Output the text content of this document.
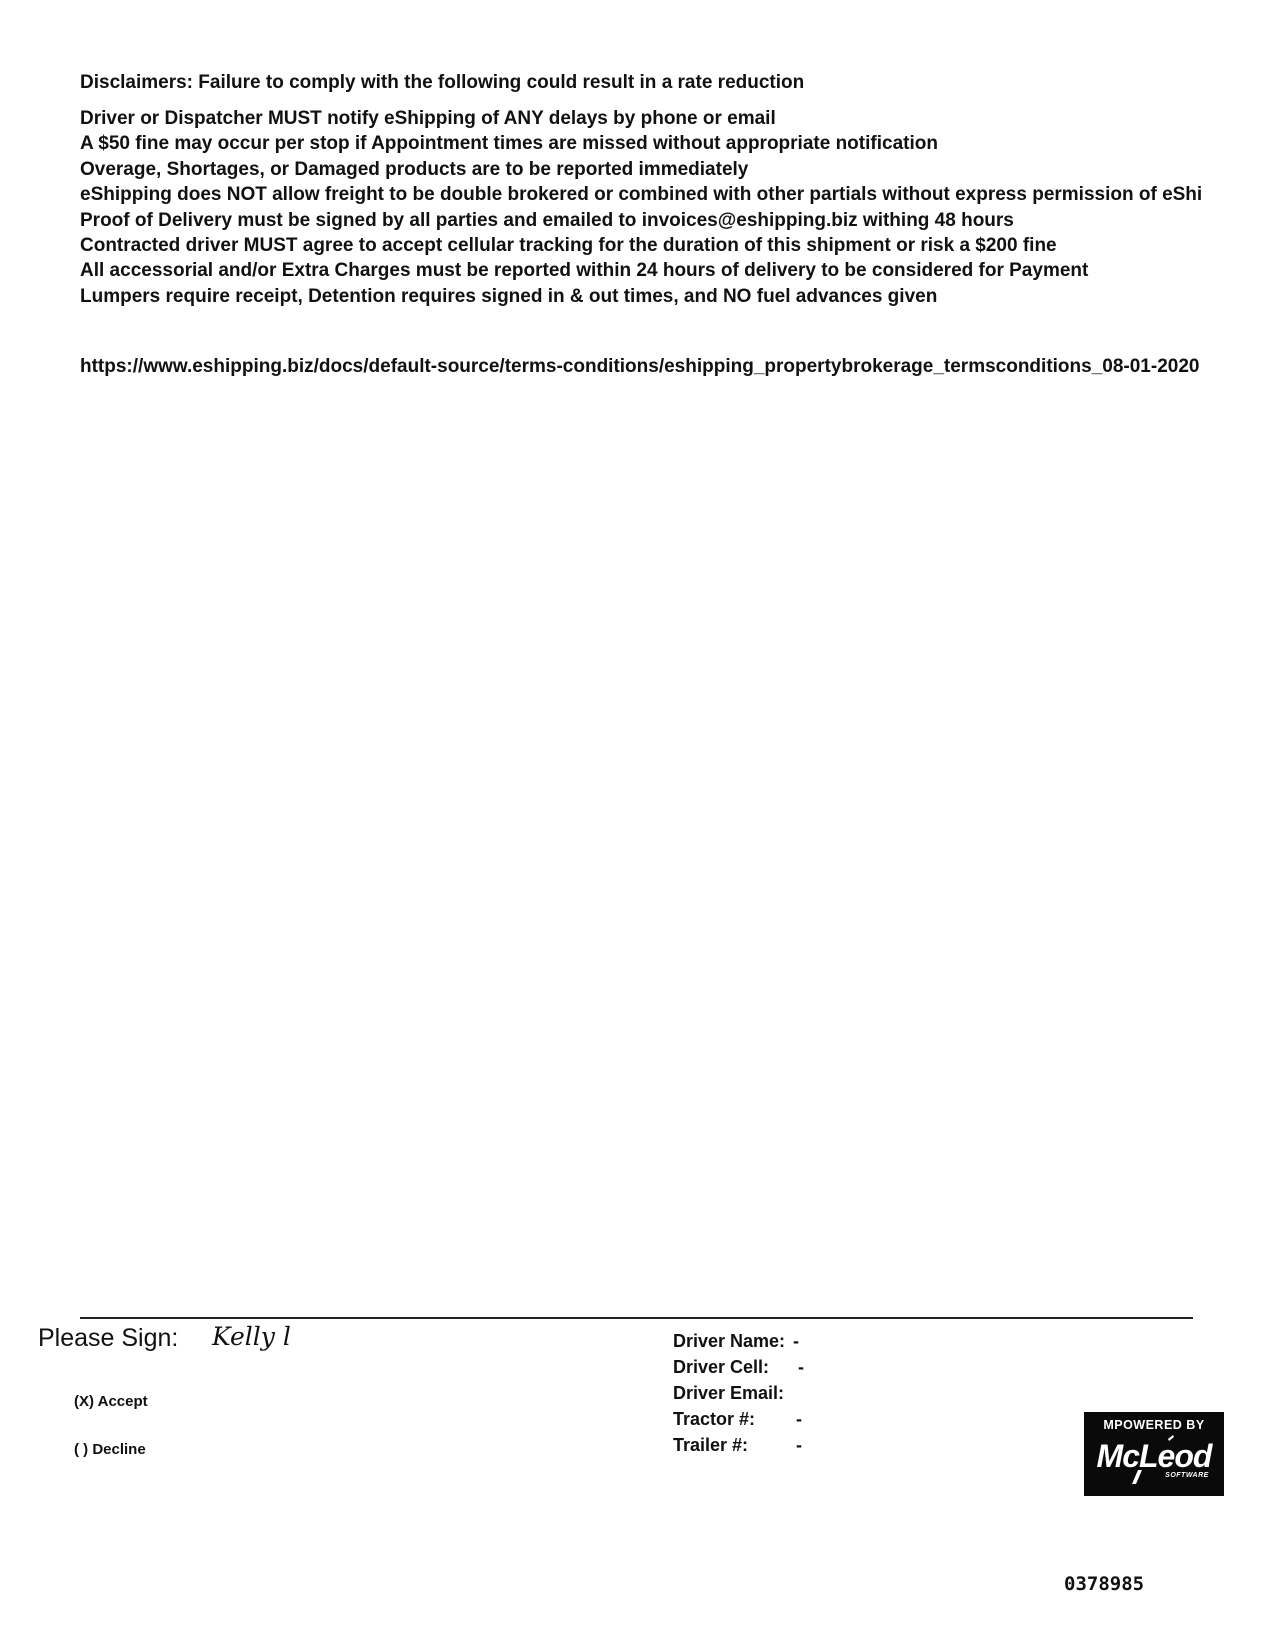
Disclaimers: Failure to comply with the following could result in a rate reduction
Driver or Dispatcher MUST notify eShipping of ANY delays by phone or email
A $50 fine may occur per stop if Appointment times are missed without appropriate notification
Overage, Shortages, or Damaged products are to be reported immediately
eShipping does NOT allow freight to be double brokered or combined with other partials without express permission of eShi
Proof of Delivery must be signed by all parties and emailed to invoices@eshipping.biz withing 48 hours
Contracted driver MUST agree to accept cellular tracking for the duration of this shipment or risk a $200 fine
All accessorial and/or Extra Charges must be reported within 24 hours of delivery to be considered for Payment
Lumpers require receipt, Detention requires signed in & out times, and NO fuel advances given
https://www.eshipping.biz/docs/default-source/terms-conditions/eshipping_propertybrokerage_termsconditions_08-01-2020
Please Sign: Kelly l
(X) Accept
( ) Decline
Driver Name: -
Driver Cell: -
Driver Email:
Tractor #: -
Trailer #:	-
MPOWERED BY
McLeod
SOFTWARE
0378985
